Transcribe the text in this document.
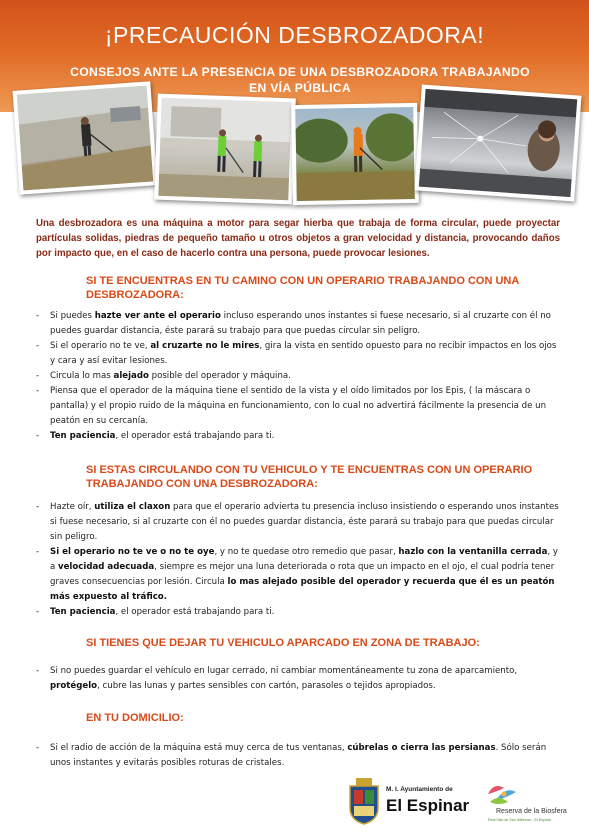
¡PRECAUCIÓN DESBROZADORA!
CONSEJOS ANTE LA PRESENCIA DE UNA DESBROZADORA TRABAJANDO EN VÍA PÚBLICA
Una desbrozadora es una máquina a motor para segar hierba que trabaja de forma circular, puede proyectar partículas solidas, piedras de pequeño tamaño u otros objetos a gran velocidad y distancia, provocando daños por impacto que, en el caso de hacerlo contra una persona, puede provocar lesiones.
SI TE ENCUENTRAS EN TU CAMINO CON UN OPERARIO TRABAJANDO CON UNA DESBROZADORA:
- Si puedes hazte ver ante el operario incluso esperando unos instantes si fuese necesario, si al cruzarte con él no puedes guardar distancia, éste parará su trabajo para que puedas circular sin peligro.
- Si el operario no te ve, al cruzarte no le mires, gira la vista en sentido opuesto para no recibir impactos en los ojos y cara y así evitar lesiones.
- Circula lo mas alejado posible del operador y máquina.
- Piensa que el operador de la máquina tiene el sentido de la vista y el oído limitados por los Epis, ( la máscara o pantalla) y el propio ruido de la máquina en funcionamiento, con lo cual no advertirá fácilmente la presencia de un peatón en su cercanía.
- Ten paciencia, el operador está trabajando para ti.
SI ESTAS CIRCULANDO CON TU VEHICULO Y TE ENCUENTRAS CON UN OPERARIO TRABAJANDO CON UNA DESBROZADORA:
- Hazte oír, utiliza el claxon para que el operario advierta tu presencia incluso insistiendo o esperando unos instantes si fuese necesario, si al cruzarte con él no puedes guardar distancia, éste parará su trabajo para que puedas circular sin peligro.
- Si el operario no te ve o no te oye, y no te quedase otro remedio que pasar, hazlo con la ventanilla cerrada, y a velocidad adecuada, siempre es mejor una luna deteriorada o rota que un impacto en el ojo, el cual podría tener graves consecuencias por lesión. Circula lo mas alejado posible del operador y recuerda que él es un peatón más expuesto al tráfico.
- Ten paciencia, el operador está trabajando para ti.
SI TIENES QUE DEJAR TU VEHICULO APARCADO EN ZONA DE TRABAJO:
- Si no puedes guardar el vehículo en lugar cerrado, ni cambiar momentáneamente tu zona de aparcamiento, protégelo, cubre las lunas y partes sensibles con cartón, parasoles o tejidos apropiados.
EN TU DOMICILIO:
- Si el radio de acción de la máquina está muy cerca de tus ventanas, cúbrelas o cierra las persianas. Sólo serán unos instantes y evitarás posibles roturas de cristales.
M. I. Ayuntamiento de
El Espinar	Reserva de la Biosfera
Real Sitio de San Ildefonso - El Espinar
